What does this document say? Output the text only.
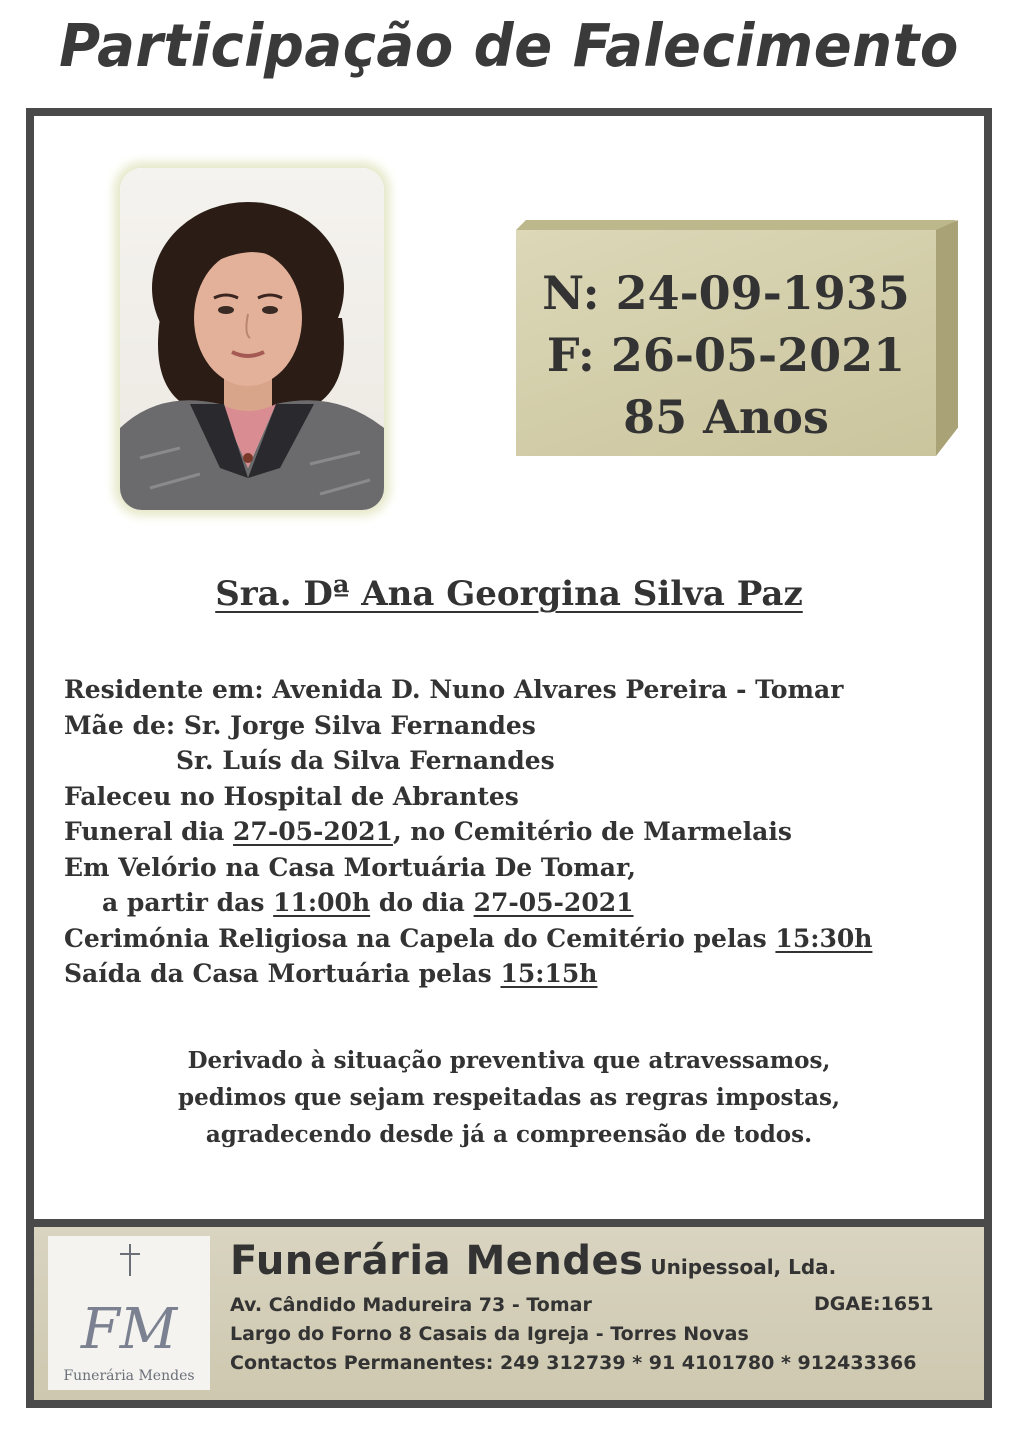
Participação de Falecimento
N: 24-09-1935
F: 26-05-2021
85 Anos
Sra. Dª Ana Georgina Silva Paz
Residente em: Avenida D. Nuno Alvares Pereira - Tomar
Mãe de: Sr. Jorge Silva Fernandes
Sr. Luís da Silva Fernandes
Faleceu no Hospital de Abrantes
Funeral dia 27-05-2021, no Cemitério de Marmelais
Em Velório na Casa Mortuária De Tomar,
a partir das 11:00h do dia 27-05-2021
Cerimónia Religiosa na Capela do Cemitério pelas 15:30h
Saída da Casa Mortuária pelas 15:15h
Derivado à situação preventiva que atravessamos,
pedimos que sejam respeitadas as regras impostas,
agradecendo desde já a compreensão de todos.
FM
Funerária Mendes
Funerária Mendes Unipessoal, Lda.
Av. Cândido Madureira 73 - Tomar	DGAE:1651
Largo do Forno 8 Casais da Igreja - Torres Novas
Contactos Permanentes: 249 312739 * 91 4101780 * 912433366
